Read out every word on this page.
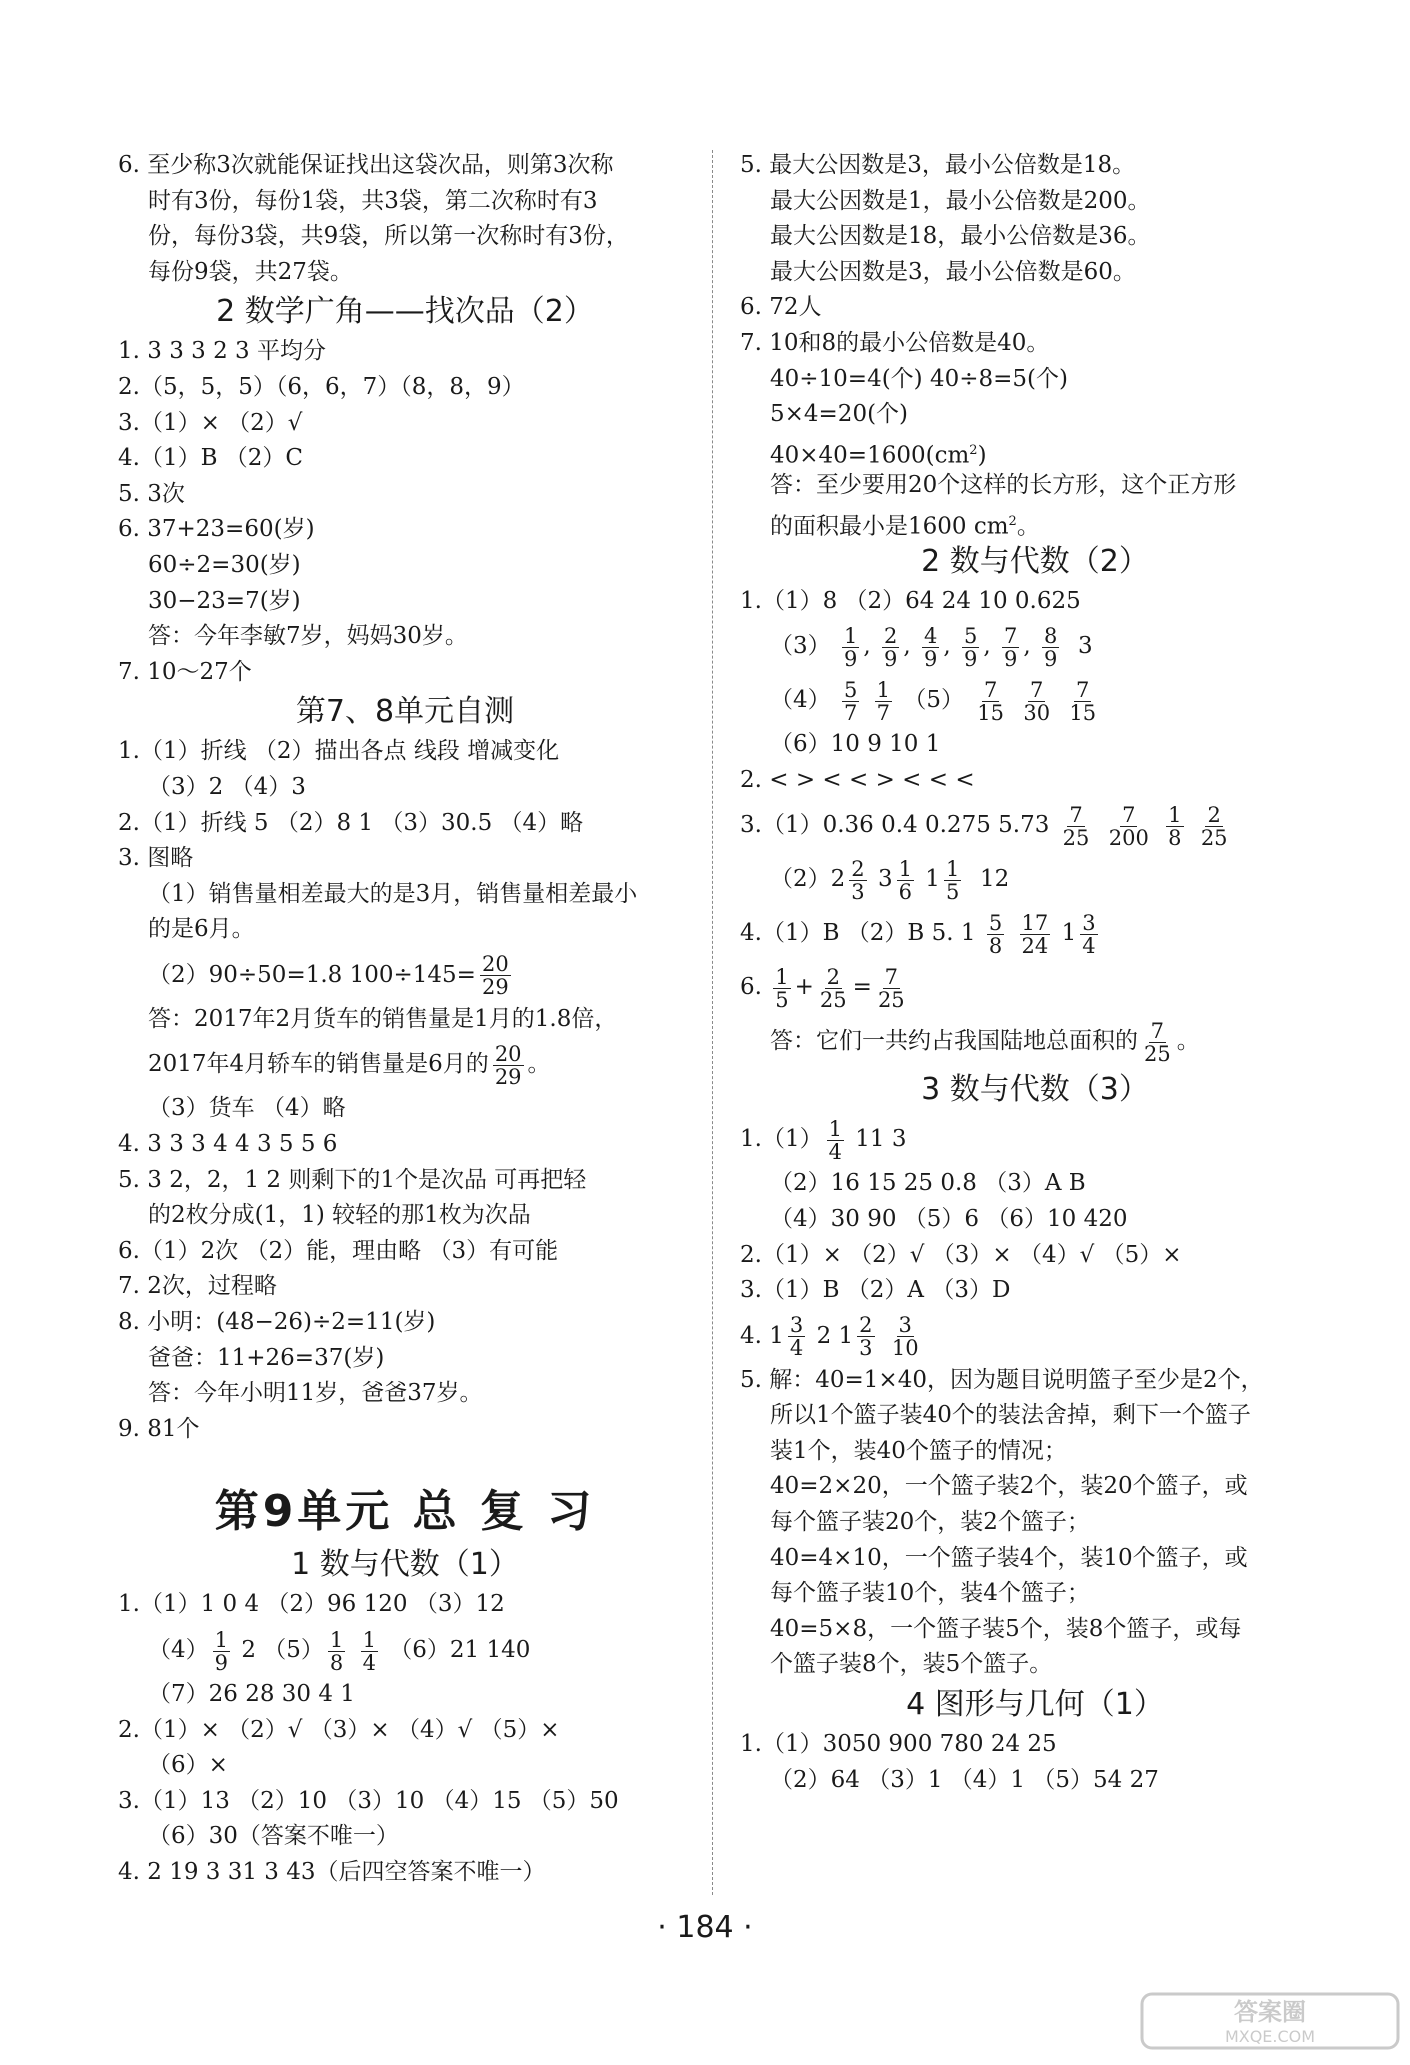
6. 至少称3次就能保证找出这袋次品，则第3次称
时有3份，每份1袋，共3袋，第二次称时有3
份，每份3袋，共9袋，所以第一次称时有3份，
每份9袋，共27袋。
2 数学广角——找次品（2）
1. 3 3 3 2 3 平均分
2.（5，5，5）（6，6，7）（8，8，9）
3.（1）× （2）√
4.（1）B （2）C
5. 3次
6. 37+23=60(岁)
60÷2=30(岁)
30−23=7(岁)
答：今年李敏7岁，妈妈30岁。
7. 10～27个
第7、8单元自测
1.（1）折线 （2）描出各点 线段 增减变化
（3）2 （4）3
2.（1）折线 5 （2）8 1 （3）30.5 （4）略
3. 图略
（1）销售量相差最大的是3月，销售量相差最小
的是6月。
（2）90÷50=1.8 $100\div 145= \frac{20}{29}$
答：2017年2月货车的销售量是1月的1.8倍，
2017年4月轿车的销售量是6月的 $\frac{20}{29}$ 。
（3）货车 （4）略
4. 3 3 3 4 4 3 5 5 6
5. 3 2，2，1 2 则剩下的1个是次品 可再把轻
的2枚分成(1，1) 较轻的那1枚为次品
6.（1）2次 （2）能，理由略 （3）有可能
7. 2次，过程略
8. 小明：(48−26)÷2=11(岁)
爸爸：11+26=37(岁)
答：今年小明11岁，爸爸37岁。
9. 81个
第9单元 总 复 习
1 数与代数（1）
1.（1）1 0 4 （2）96 120 （3）12
$(4) \frac{1}{9} 2$ $(5) \frac{1}{8}$
$\frac{1}{4} (6)21$ 140
（7）26 28 30 4 1
2.（1）× （2）√ （3）× （4）√ （5）×
（6）×
3.（1）13 （2）10 （3）10 （4）15 （5）50
（6）30（答案不唯一）
4. 2 19 3 31 3 43（后四空答案不唯一）
5. 最大公因数是3，最小公倍数是18。
最大公因数是1，最小公倍数是200。
最大公因数是18，最小公倍数是36。
最大公因数是3，最小公倍数是60。
6. 72人
7. 10和8的最小公倍数是40。
40÷10=4(个) 40÷8=5(个)
5×4=20(个)
$40\times 40=1600(cm^2)$
答：至少要用20个这样的长方形，这个正方形
的面积最小是1600 $cm^2$。
2 数与代数（2）
1.（1）8 （2）64 24 10 0.625
$(3) \frac{1}{9}$ , $\frac{2}{9}$ , $\frac{4}{9}$ , $\frac{5}{9}$ , $\frac{7}{9}$ , $\frac{8}{9} 3$
$(4) \frac{5}{7}$
$\frac{1}{7} (5) \frac{7}{15}$
$\frac{7}{30}$
$\frac{7}{15}$
（6）10 9 10 1
2. < > < < > < < <
3.（1）0.36 0.4 0.275 $5.73 \frac{7}{25}$
$\frac{7}{200}$
$\frac{1}{8}$
$\frac{2}{25}$
$(2)2 \frac{2}{3} 3 \frac{1}{6} 1 \frac{1}{5} 12$
4.（1）B （2）B 5. $1 \frac{5}{8}$
$\frac{17}{24} 1 \frac{3}{4}$
6. $\frac{1}{5} + \frac{2}{25} = \frac{7}{25}$
答：它们一共约占我国陆地总面积的 $\frac{7}{25}$ 。
3 数与代数（3）
$1.(1) \frac{1}{4} 11$ 3
（2）16 15 25 0.8 （3）A B
（4）30 90 （5）6 （6）10 420
2.（1）× （2）√ （3）× （4）√ （5）×
3.（1）B （2）A （3）D
4. $1 \frac{3}{4} 2$ $1 \frac{2}{3}$
$\frac{3}{10}$
5. 解：40=1×40，因为题目说明篮子至少是2个，
所以1个篮子装40个的装法舍掉，剩下一个篮子
装1个，装40个篮子的情况；
40=2×20，一个篮子装2个，装20个篮子，或
每个篮子装20个，装2个篮子；
40=4×10，一个篮子装4个，装10个篮子，或
每个篮子装10个，装4个篮子；
40=5×8，一个篮子装5个，装8个篮子，或每
个篮子装8个，装5个篮子。
4 图形与几何（1）
1.（1）3050 900 780 24 25
（2）64 （3）1 （4）1 （5）54 27
· 184 ·
答案圈
MXQE.COM
